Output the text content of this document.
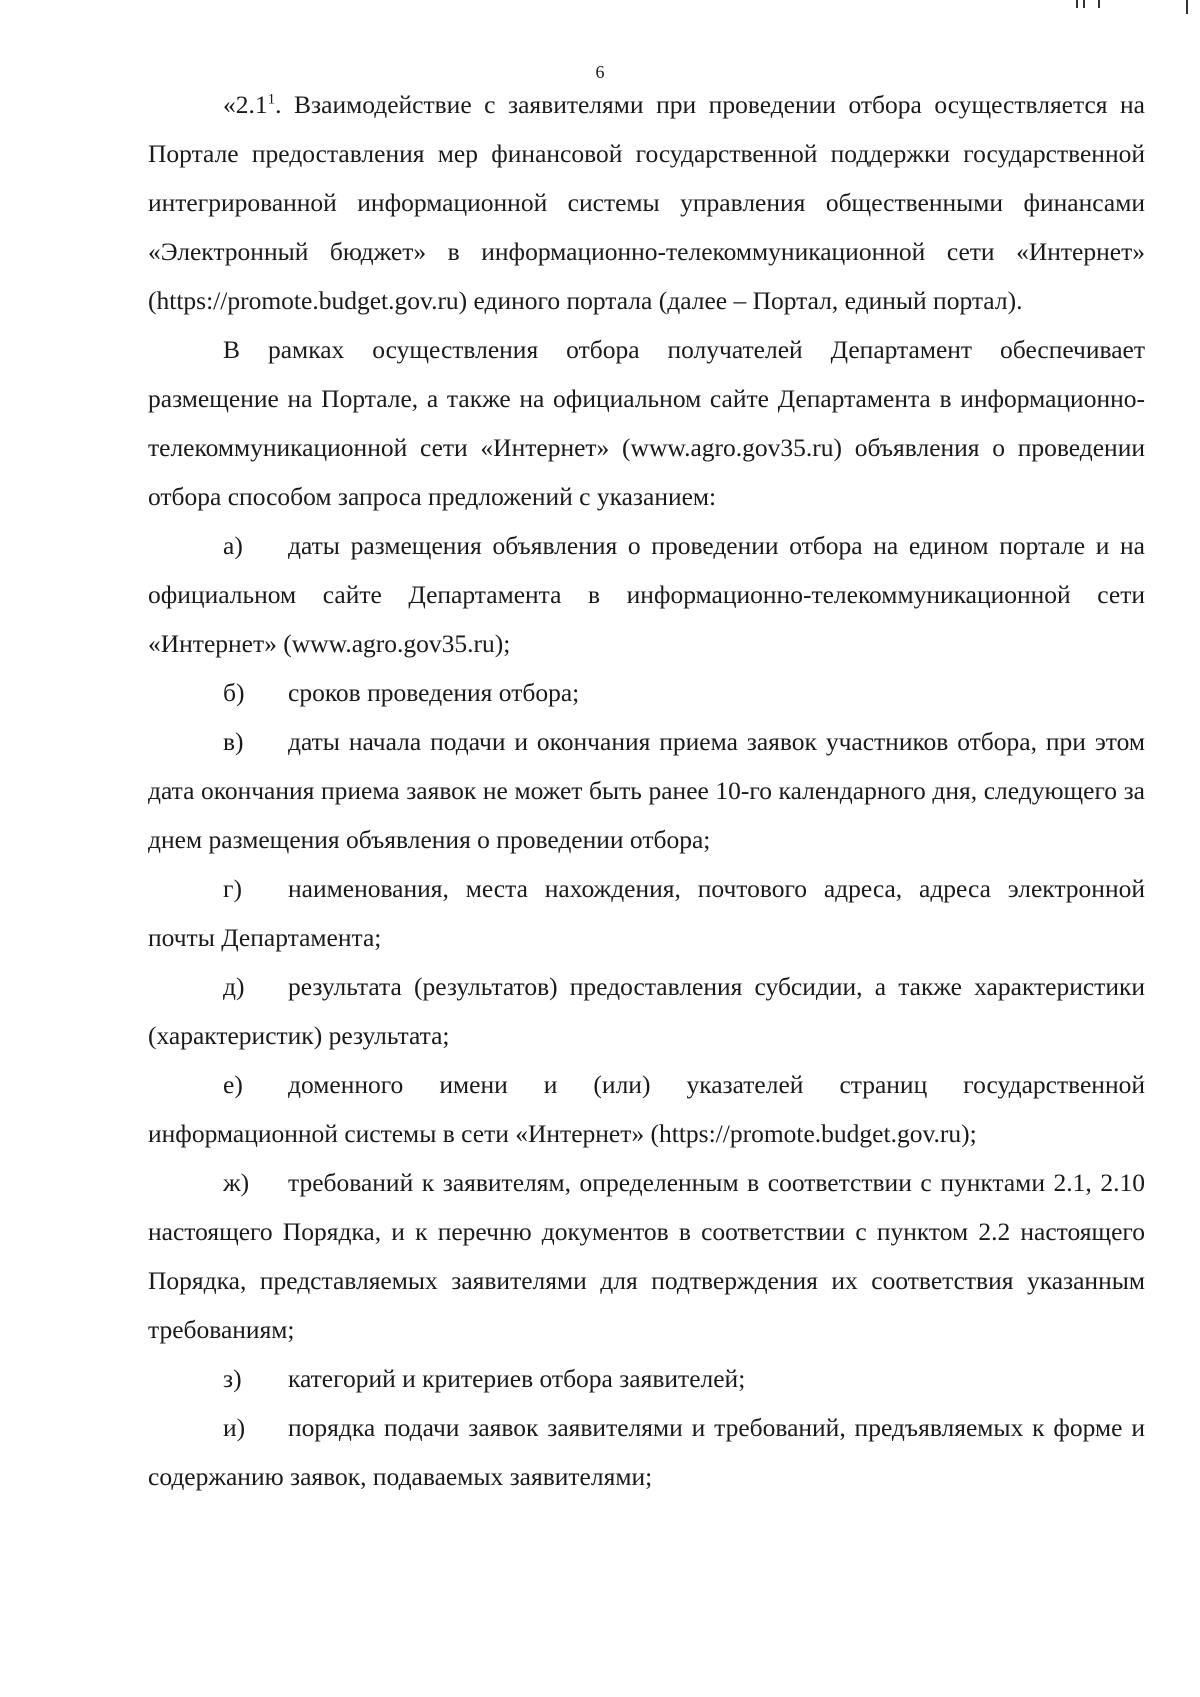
6

«$2.1^1$. Взаимодействие с заявителями при проведении отбора осуществляется на Портале предоставления мер финансовой государственной поддержки государственной интегрированной информационной системы управления общественными финансами «Электронный бюджет» в информационно-телекоммуникационной сети «Интернет» (https://promote.budget.gov.ru) единого портала (далее – Портал, единый портал).

В рамках осуществления отбора получателей Департамент обеспечивает размещение на Портале, а также на официальном сайте Департамента в информационно-телекоммуникационной сети «Интернет» (www.agro.gov35.ru) объявления о проведении отбора способом запроса предложений с указанием:

а) даты размещения объявления о проведении отбора на едином портале и на официальном сайте Департамента в информационно-телекоммуникационной сети «Интернет» (www.agro.gov35.ru);

б) сроков проведения отбора;

в) даты начала подачи и окончания приема заявок участников отбора, при этом дата окончания приема заявок не может быть ранее 10-го календарного дня, следующего за днем размещения объявления о проведении отбора;

г) наименования, места нахождения, почтового адреса, адреса электронной почты Департамента;

д) результата (результатов) предоставления субсидии, а также характеристики (характеристик) результата;

е) доменного имени и (или) указателей страниц государственной информационной системы в сети «Интернет» (https://promote.budget.gov.ru);

ж) требований к заявителям, определенным в соответствии с пунктами 2.1, 2.10 настоящего Порядка, и к перечню документов в соответствии с пунктом 2.2 настоящего Порядка, представляемых заявителями для подтверждения их соответствия указанным требованиям;

з) категорий и критериев отбора заявителей;

и) порядка подачи заявок заявителями и требований, предъявляемых к форме и содержанию заявок, подаваемых заявителями;
